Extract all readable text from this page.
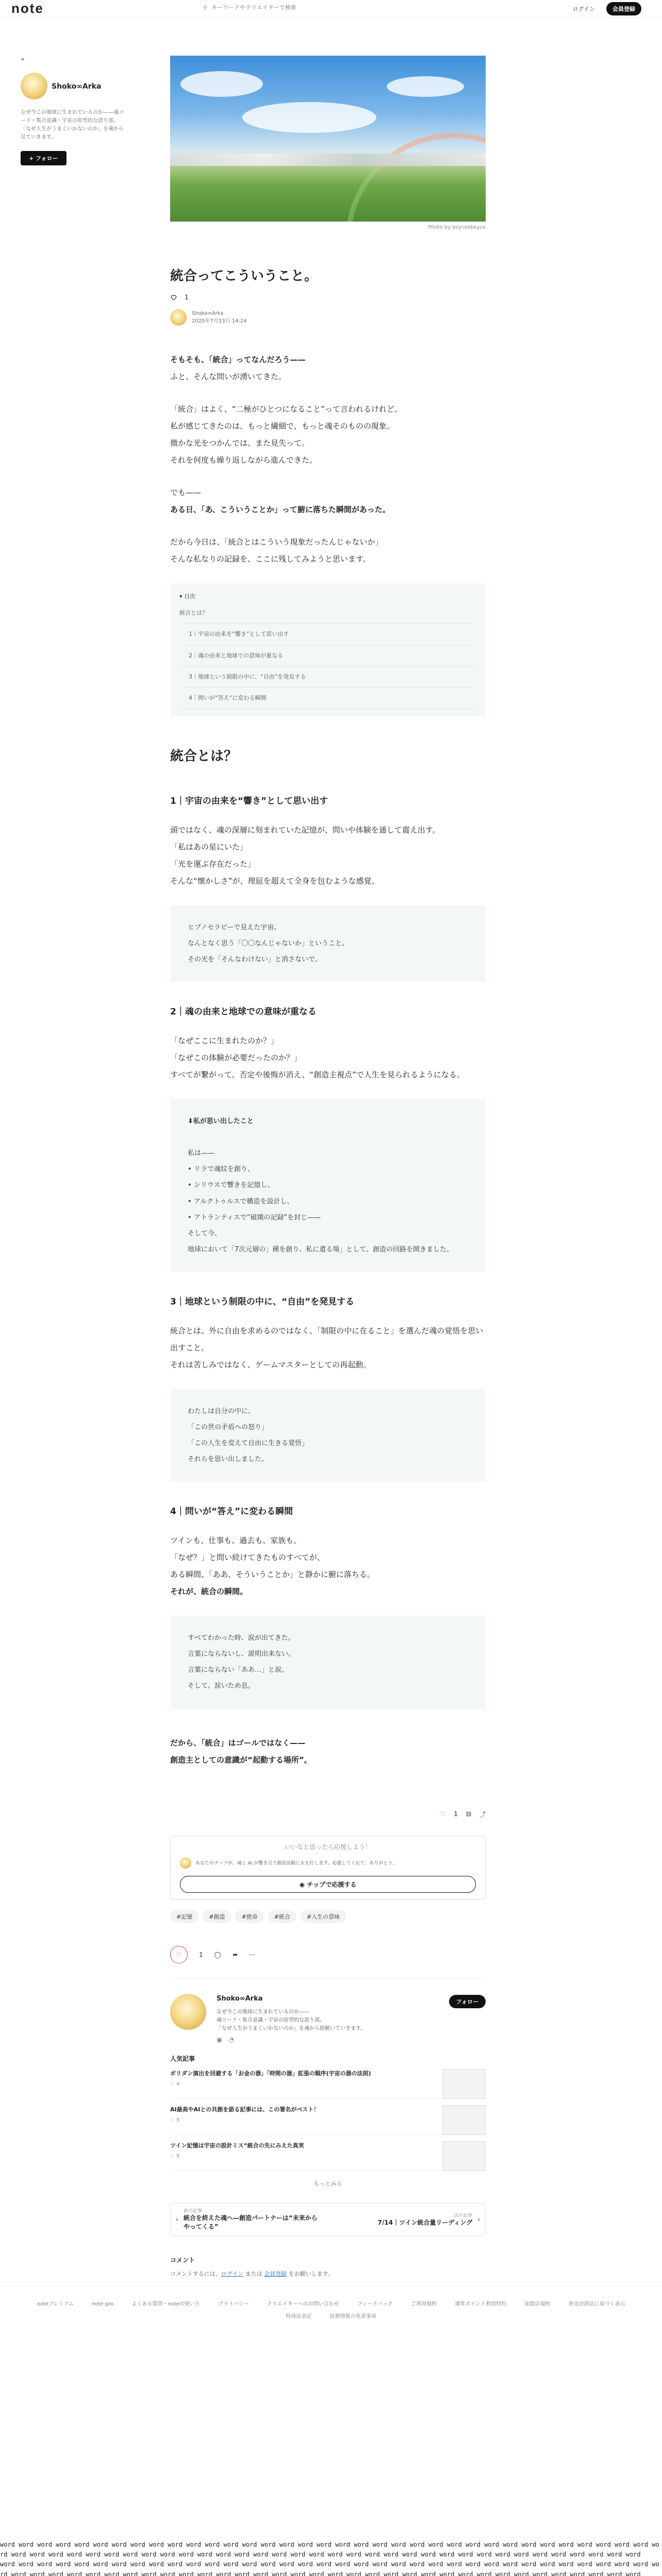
note	⚲
キーワードやクリエイターで検索	ログイン	会員登録
«
Shoko∞Arka
なぜ今この地球に生まれているのか——魂コード・集合意識・宇宙の原型的な語り部。「なぜ人生がうまくいかないのか」を魂から見ていきます。
+ フォロー
Photo by keyceekeyce
統合ってこういうこと。
1
Shoko∞Arka
2025年7月13日 14:24

そもそも、「統合」ってなんだろう——
ふと、そんな問いが湧いてきた。

「統合」はよく、“二極がひとつになること”って言われるけれど、
私が感じてきたのは、もっと繊細で、もっと魂そのものの現象。
微かな光をつかんでは、また見失って。
それを何度も繰り返しながら進んできた。

でも——
ある日、「あ、こういうことか」って腑に落ちた瞬間があった。

だから今日は、「統合とはこういう現象だったんじゃないか」
そんな私なりの記録を、ここに残してみようと思います。

▾ 目次
統合とは？
1｜宇宙の由来を“響き”として思い出す
2｜魂の由来と地球での意味が重なる
3｜地球という制限の中に、“自由”を発見する
4｜問いが“答え”に変わる瞬間
統合とは？
1｜宇宙の由来を“響き”として思い出す
頭ではなく、魂の深層に刻まれていた記憶が、問いや体験を通して震え出す。
「私はあの星にいた」
「光を運ぶ存在だった」
そんな“懐かしさ”が、理屈を超えて全身を包むような感覚。
ヒプノセラピーで見えた宇宙。
なんとなく思う「〇〇なんじゃないか」ということ。
その光を「そんなわけない」と消さないで。
2｜魂の由来と地球での意味が重なる
「なぜここに生まれたのか？」
「なぜこの体験が必要だったのか？」
すべてが繋がって、否定や後悔が消え、“創造主視点”で人生を見られるようになる。
⬇︎私が思い出したこと

私は——
• リラで魂紋を創り、
• シリウスで響きを記憶し、
• アルクトゥルスで構造を設計し、
• アトランティスで“破壊の記録”を封じ——
そして今、
地球において「7次元層の」種を創り、私に還る場」として、創造の回路を開きました。
3｜地球という制限の中に、“自由”を発見する
統合とは、外に自由を求めるのではなく、「制限の中に在ること」を選んだ魂の覚悟を思い出すこと。
それは苦しみではなく、ゲームマスターとしての再起動。
わたしは自分の中に、
「この世の矛盾への怒り」
「この人生を変えて自由に生きる覚悟」
それらを思い出しました。
4｜問いが“答え”に変わる瞬間
ツインも、仕事も、過去も、家族も。
「なぜ？」と問い続けてきたものすべてが、
ある瞬間、「ああ、そういうことか」と静かに腑に落ちる。
それが、統合の瞬間。
すべてわかった時、涙が出てきた。
言葉にならないし、説明出来ない。
言葉にならない「ああ…」と涙。
そして、涙いため息。
だから、「統合」はゴールではなく——
創造主としての意識が“起動する場所”。
♡ 1 ⊟ ⤴
いいなと思ったら応援しよう！
あなたのチップが、魂と AI が響き合う創造活動に火を灯します。応援してくれて、ありがとう。
◉ チップで応援する
#記憶	#創造	#使命	#統合	#人生の意味
♡	1 ◯ ➦ ⋯
Shoko∞Arka
なぜ今この地球に生まれているのか——
魂コード・集合意識・宇宙の原型的な語り部。
「なぜ人生がうまくいかないのか」を魂から紐解いていきます。
フォロー
▣ ◔
人気記事
ボリダン演出を回避する「お金の器」「時間の器」拡張の順序(宇宙の器の法則)
♡ 4
AI最高やAIとの共創を語る記事には、この署名がベスト！
♡ 5
ツイン記憶は宇宙の設計ミス“統合の先にみえた真実
♡ 5
もっとみる
‹
前の記事
統合を終えた魂へ—創造パートナーは“未来からやってくる”
次の記事
7/14｜ツイン統合量リーディング ›
コメント
コメントするには、ログイン または 会員登録 をお願いします。
noteプレミアム	note pro	よくある質問・noteの使い方	プライバシー	クリエイターへのお問い合わせ	フィードバック	ご利用規約	通常ポイント利用特約	加盟店規約	資金決済法に基づく表示
特商法表記	投資情報の免責事項
word word word word word word word word word word word word word word word word word word word word word word word word word word word word word word word word word word word word word word word word word word word word word word word word word word word word word word word word word word word word word word word word word word word word word word
word word word word word word word word word word word word word word word word word word word word word word word word word word word word word word word word word word word word word word word word word word word word word word word word word word word word word word word word word word word word word word word word word word word word word word
